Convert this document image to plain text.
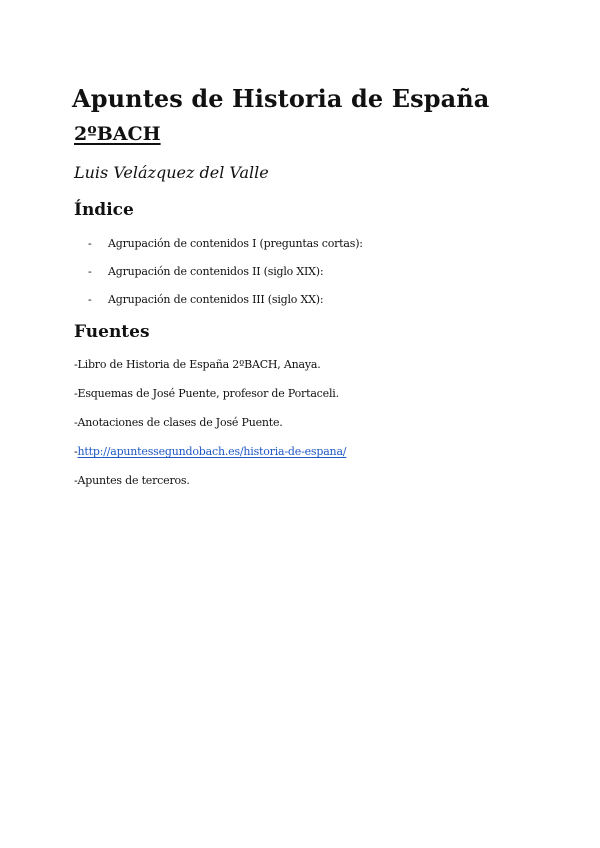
Apuntes de Historia de España
2ºBACH

Luis Velázquez del Valle

Índice
-	Agrupación de contenidos I (preguntas cortas):
-	Agrupación de contenidos II (siglo XIX):
-	Agrupación de contenidos III (siglo XX):
Fuentes
-Libro de Historia de España 2ºBACH, Anaya.
-Esquemas de José Puente, profesor de Portaceli.
-Anotaciones de clases de José Puente.
-http://apuntessegundobach.es/historia-de-espana/
-Apuntes de terceros.
